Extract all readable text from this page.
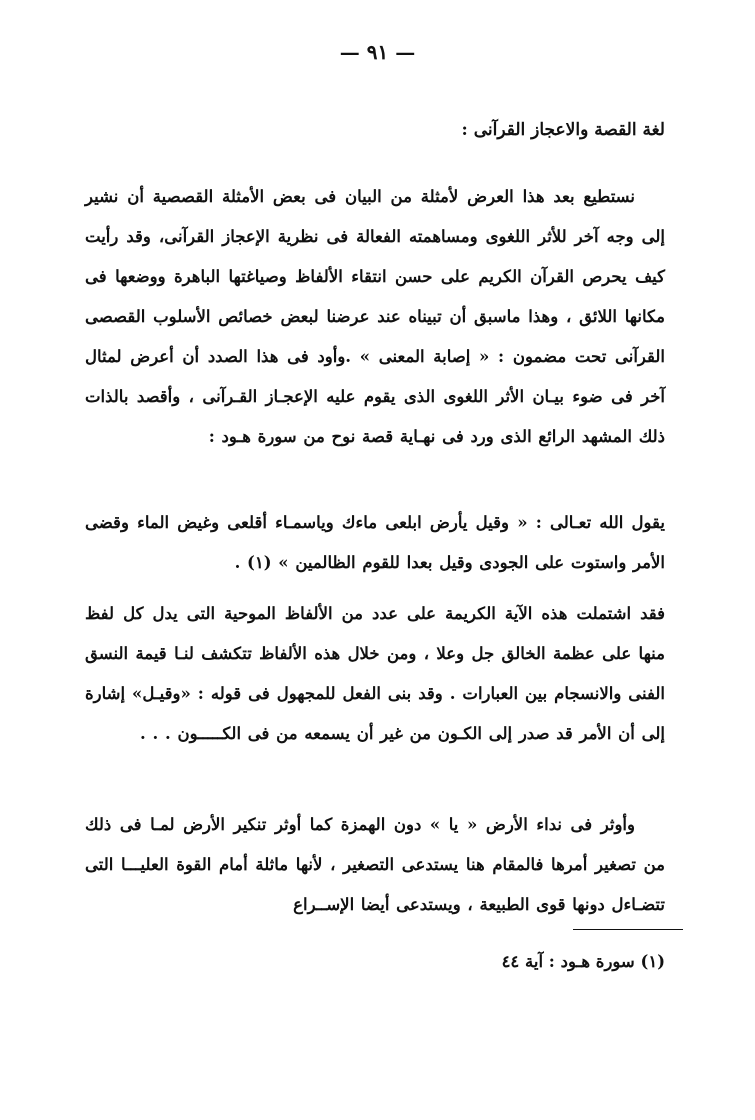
— ٩١ —
لغة القصة والاعجاز القرآنى :

نستطيع بعد هذا العرض لأمثلة من البيان فى بعض الأمثلة القصصية أن نشير إلى وجه آخر للأثر اللغوى ومساهمته الفعالة فى نظرية الإعجاز القرآنى، وقد رأيت كيف يحرص القرآن الكريم على حسن انتقاء الألفاظ وصياغتها الباهرة ووضعها فى مكانها اللائق ، وهذا ماسبق أن تبيناه عند عرضنا لبعض خصائص الأسلوب القصصى القرآنى تحت مضمون : « إصابة المعنى » .وأود فى هذا الصدد أن أعرض لمثال آخر فى ضوء بيـان الأثر اللغوى الذى يقوم عليه الإعجـاز القـرآنى ، وأقصد بالذات ذلك المشهد الرائع الذى ورد فى نهـاية قصة نوح من سورة هـود :

يقول الله تعـالى : « وقيل يأرض ابلعى ماءك وياسمـاء أقلعى وغيض الماء وقضى الأمر واستوت على الجودى وقيل بعدا للقوم الظالمين » (١) .

فقد اشتملت هذه الآية الكريمة على عدد من الألفاظ الموحية التى يدل كل لفظ منها على عظمة الخالق جل وعلا ، ومن خلال هذه الألفاظ تتكشف لنـا قيمة النسق الفنى والانسجام بين العبارات . وقد بنى الفعل للمجهول فى قوله : «وقيـل» إشارة إلى أن الأمر قد صدر إلى الكـون من غير أن يسمعه من فى الكـــــون . . .

وأوثر فى نداء الأرض « يا » دون الهمزة كما أوثر تنكير الأرض لمـا فى ذلك من تصغير أمرها فالمقام هنا يستدعى التصغير ، لأنها ماثلة أمام القوة العليـــا التى تتضـاءل دونها قوى الطبيعة ، ويستدعى أيضا الإســراع

(١) سورة هـود : آية ٤٤
